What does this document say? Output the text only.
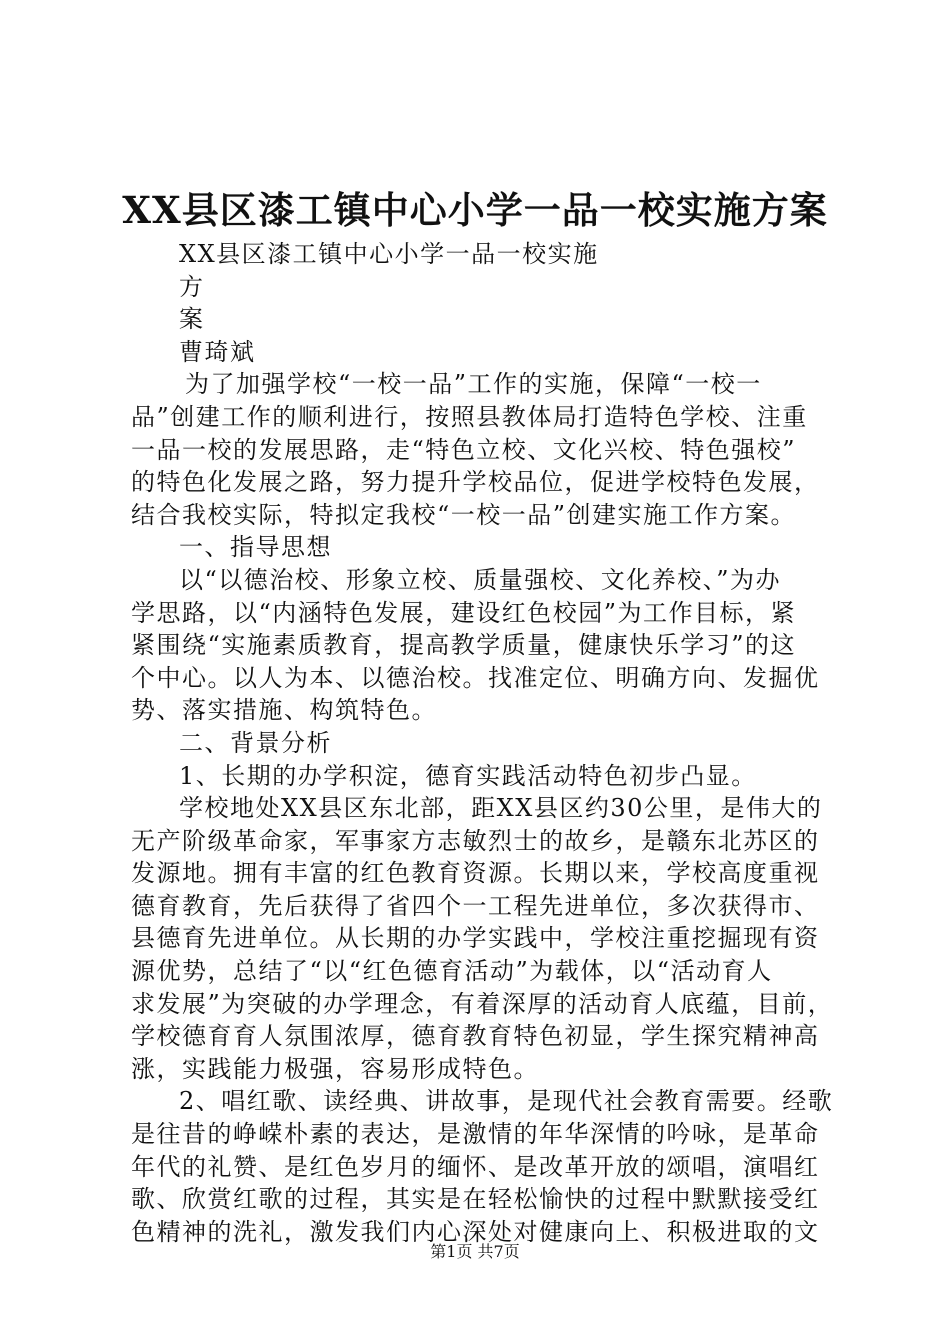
XX县区漆工镇中心小学一品一校实施方案
XX县区漆工镇中心小学一品一校实施
方
案
曹琦斌
为了加强学校“一校一品”工作的实施，保障“一校一
品”创建工作的顺利进行，按照县教体局打造特色学校、注重
一品一校的发展思路，走“特色立校、文化兴校、特色强校”
的特色化发展之路，努力提升学校品位，促进学校特色发展，
结合我校实际，特拟定我校“一校一品”创建实施工作方案。
一、指导思想
以“以德治校、形象立校、质量强校、文化养校、”为办
学思路，以“内涵特色发展，建设红色校园”为工作目标，紧
紧围绕“实施素质教育，提高教学质量，健康快乐学习”的这
个中心。以人为本、以德治校。找准定位、明确方向、发掘优
势、落实措施、构筑特色。
二、背景分析
1、长期的办学积淀，德育实践活动特色初步凸显。
学校地处XX县区东北部，距XX县区约30公里，是伟大的
无产阶级革命家，军事家方志敏烈士的故乡，是赣东北苏区的
发源地。拥有丰富的红色教育资源。长期以来，学校高度重视
德育教育，先后获得了省四个一工程先进单位，多次获得市、
县德育先进单位。从长期的办学实践中，学校注重挖掘现有资
源优势，总结了“以“红色德育活动”为载体，以“活动育人
求发展”为突破的办学理念，有着深厚的活动育人底蕴，目前，
学校德育育人氛围浓厚，德育教育特色初显，学生探究精神高
涨，实践能力极强，容易形成特色。
2、唱红歌、读经典、讲故事，是现代社会教育需要。经歌
是往昔的峥嵘朴素的表达，是激情的年华深情的吟咏，是革命
年代的礼赞、是红色岁月的缅怀、是改革开放的颂唱，演唱红
歌、欣赏红歌的过程，其实是在轻松愉快的过程中默默接受红
色精神的洗礼，激发我们内心深处对健康向上、积极进取的文
第1页 共7页
